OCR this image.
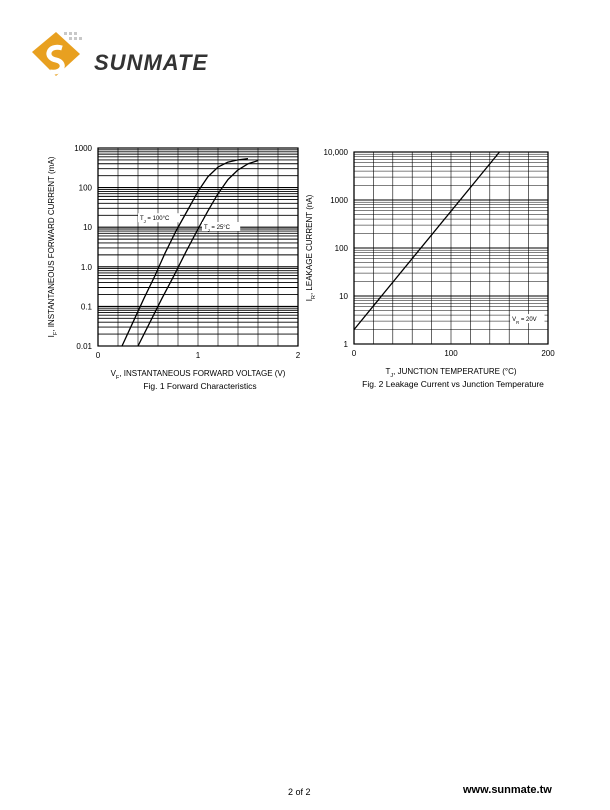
SUNMATE
0.01
0.1
1.0
10
100
1000
0	1	2
$T_J = 100^\circ C$
$T_J = 25^\circ C$
$V_F$, INSTANTANEOUS FORWARD VOLTAGE (V)
$I_F$, INSTANTANEOUS FORWARD CURRENT (mA)
Fig. 1 Forward Characteristics
1
10
100
1000
10,000
0	100	200
$V_R = 20V$
$T_J$, JUNCTION TEMPERATURE (°C)
$I_R$, LEAKAGE CURRENT (nA)
Fig. 2 Leakage Current vs Junction Temperature
2 of 2	www.sunmate.tw
